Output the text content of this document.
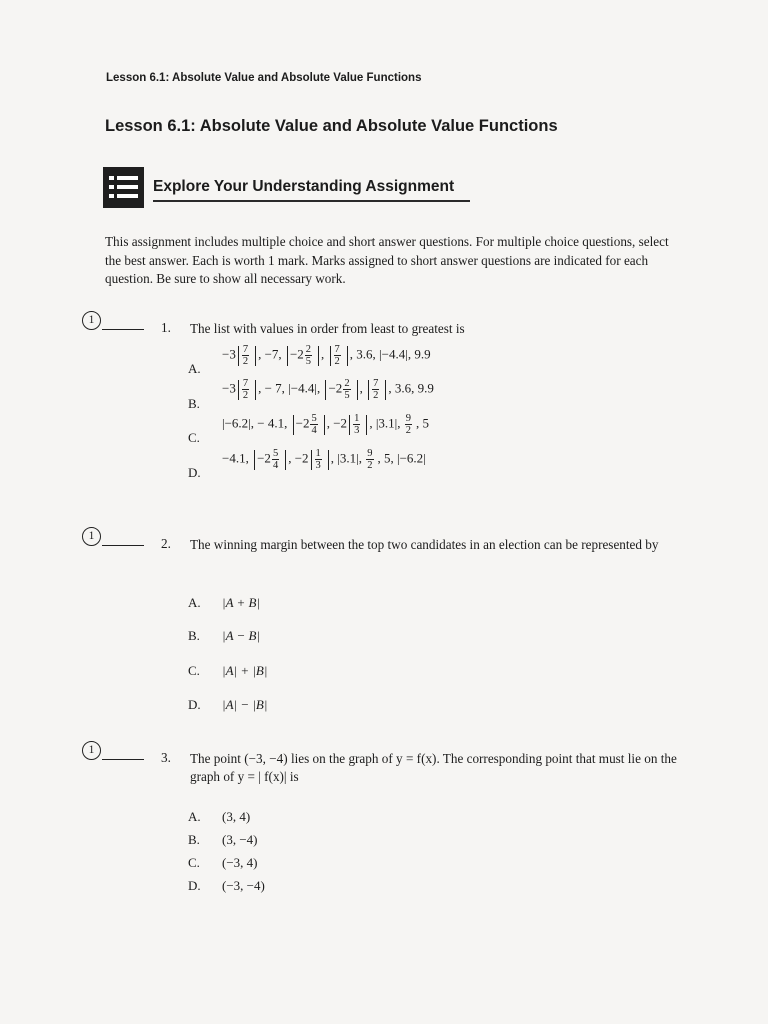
Lesson 6.1: Absolute Value and Absolute Value Functions
Lesson 6.1: Absolute Value and Absolute Value Functions
Explore Your Understanding Assignment
This assignment includes multiple choice and short answer questions. For multiple choice questions, select the best answer. Each is worth 1 mark. Marks assigned to short answer questions are indicated for each question. Be sure to show all necessary work.
1	1. The list with values in order from least to greatest is
A.
$-3 \frac{7}{2}$ , −7, $-2 \frac{2}{5}$ , $\frac{7}{2}$ , 3.6, |−4.4|, 9.9
B.
$-3 \frac{7}{2}$ , − 7, |−4.4|, $-2 \frac{2}{5}$ , $\frac{7}{2}$ , 3.6, 9.9
C.
|−6.2|, − 4.1, $-2 \frac{5}{4}$ , $-2 \frac{1}{3}$ , |3.1|, $\frac{9}{2}$ , 5
D.
−4.1, $-2 \frac{5}{4}$ , $-2 \frac{1}{3}$ , |3.1|, $\frac{9}{2}$ , 5, |−6.2|
1	2. The winning margin between the top two candidates in an election can be represented by
A. |A + B|
B. |A − B|
C. |A| + |B|
D. |A| − |B|
1	3. The point (−3, −4) lies on the graph of y = f(x). The corresponding point that must lie on the graph of y = | f(x)| is
A. (3, 4)
B. (3, −4)
C. (−3, 4)
D. (−3, −4)
